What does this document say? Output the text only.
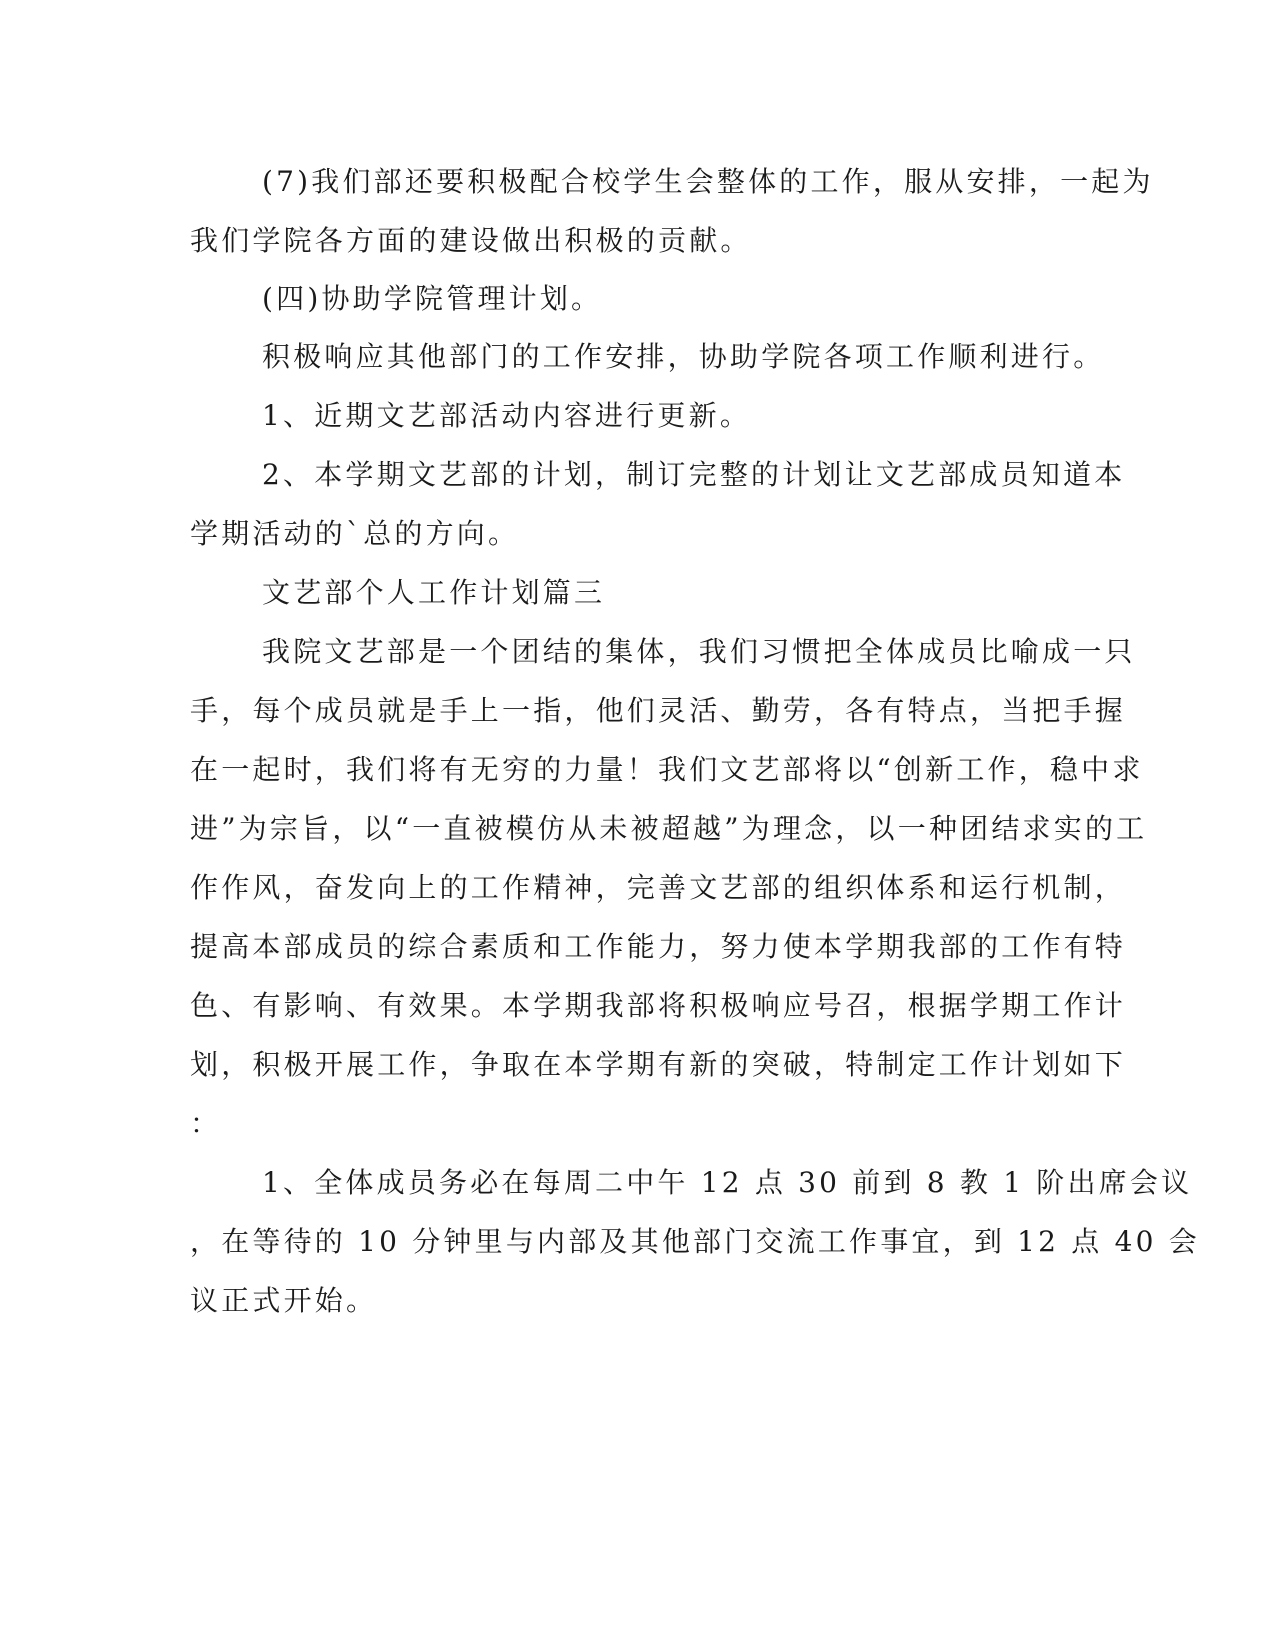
(7)我们部还要积极配合校学生会整体的工作，服从安排，一起为

我们学院各方面的建设做出积极的贡献。

(四)协助学院管理计划。

积极响应其他部门的工作安排，协助学院各项工作顺利进行。

1、近期文艺部活动内容进行更新。

2、本学期文艺部的计划，制订完整的计划让文艺部成员知道本

学期活动的`总的方向。

文艺部个人工作计划篇三

我院文艺部是一个团结的集体，我们习惯把全体成员比喻成一只

手，每个成员就是手上一指，他们灵活、勤劳，各有特点，当把手握

在一起时，我们将有无穷的力量！我们文艺部将以“创新工作，稳中求

进”为宗旨，以“一直被模仿从未被超越”为理念，以一种团结求实的工

作作风，奋发向上的工作精神，完善文艺部的组织体系和运行机制，

提高本部成员的综合素质和工作能力，努力使本学期我部的工作有特

色、有影响、有效果。本学期我部将积极响应号召，根据学期工作计

划，积极开展工作，争取在本学期有新的突破，特制定工作计划如下

：

1、全体成员务必在每周二中午 12 点 30 前到 8 教 1 阶出席会议

，在等待的 10 分钟里与内部及其他部门交流工作事宜，到 12 点 40 会

议正式开始。
